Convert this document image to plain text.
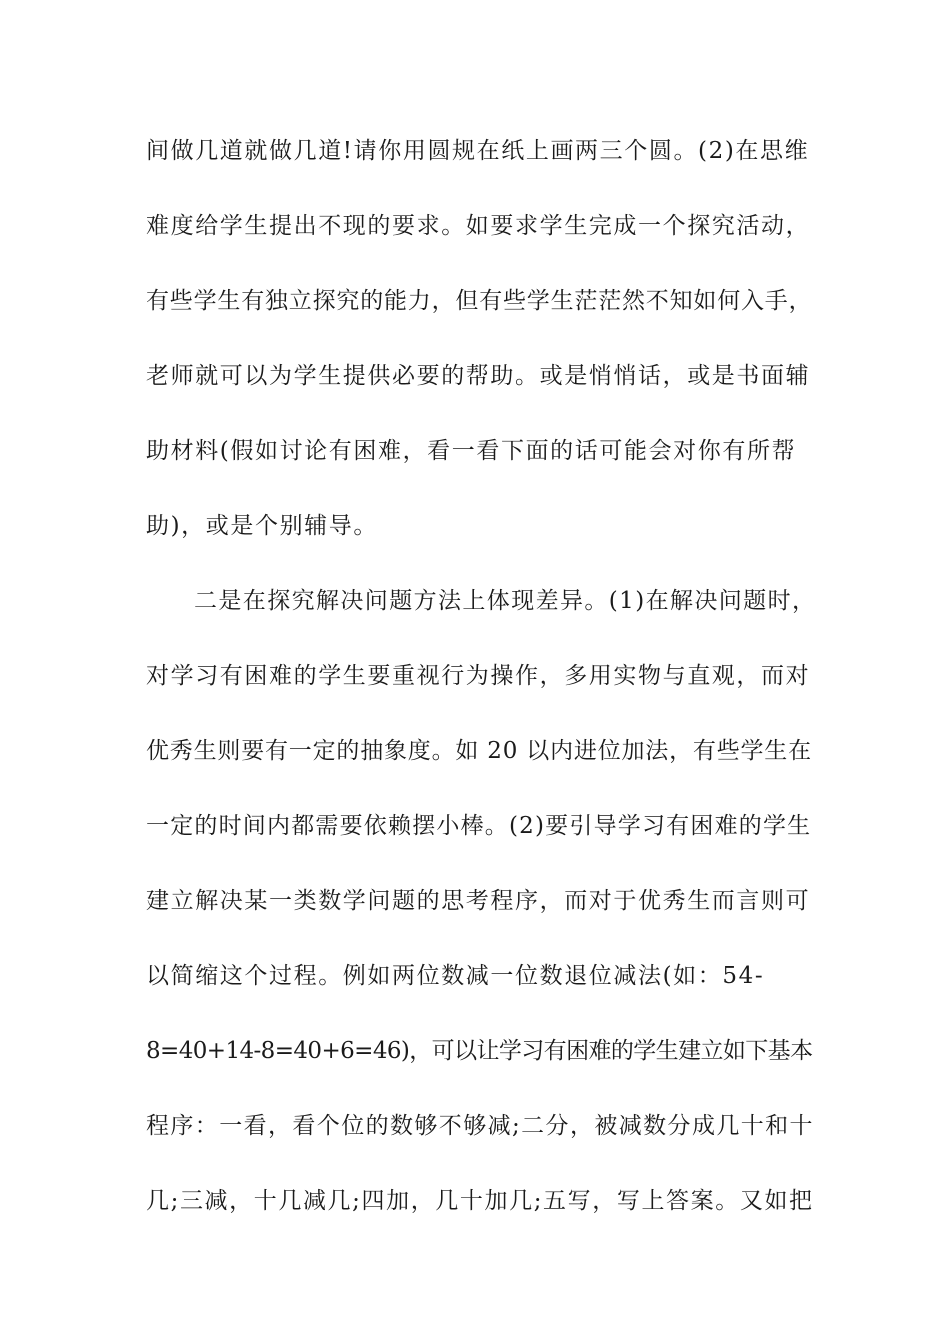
间做几道就做几道!请你用圆规在纸上画两三个圆。(2)在思维
难度给学生提出不现的要求。如要求学生完成一个探究活动，
有些学生有独立探究的能力，但有些学生茫茫然不知如何入手，
老师就可以为学生提供必要的帮助。或是悄悄话，或是书面辅
助材料(假如讨论有困难，看一看下面的话可能会对你有所帮
助)，或是个别辅导。
二是在探究解决问题方法上体现差异。(1)在解决问题时，
对学习有困难的学生要重视行为操作，多用实物与直观，而对
优秀生则要有一定的抽象度。如 20 以内进位加法，有些学生在
一定的时间内都需要依赖摆小棒。(2)要引导学习有困难的学生
建立解决某一类数学问题的思考程序，而对于优秀生而言则可
以简缩这个过程。例如两位数减一位数退位减法(如：54-
8=40+14-8=40+6=46)，可以让学习有困难的学生建立如下基本
程序：一看，看个位的数够不够减;二分，被减数分成几十和十
几;三减，十几减几;四加，几十加几;五写，写上答案。又如把
